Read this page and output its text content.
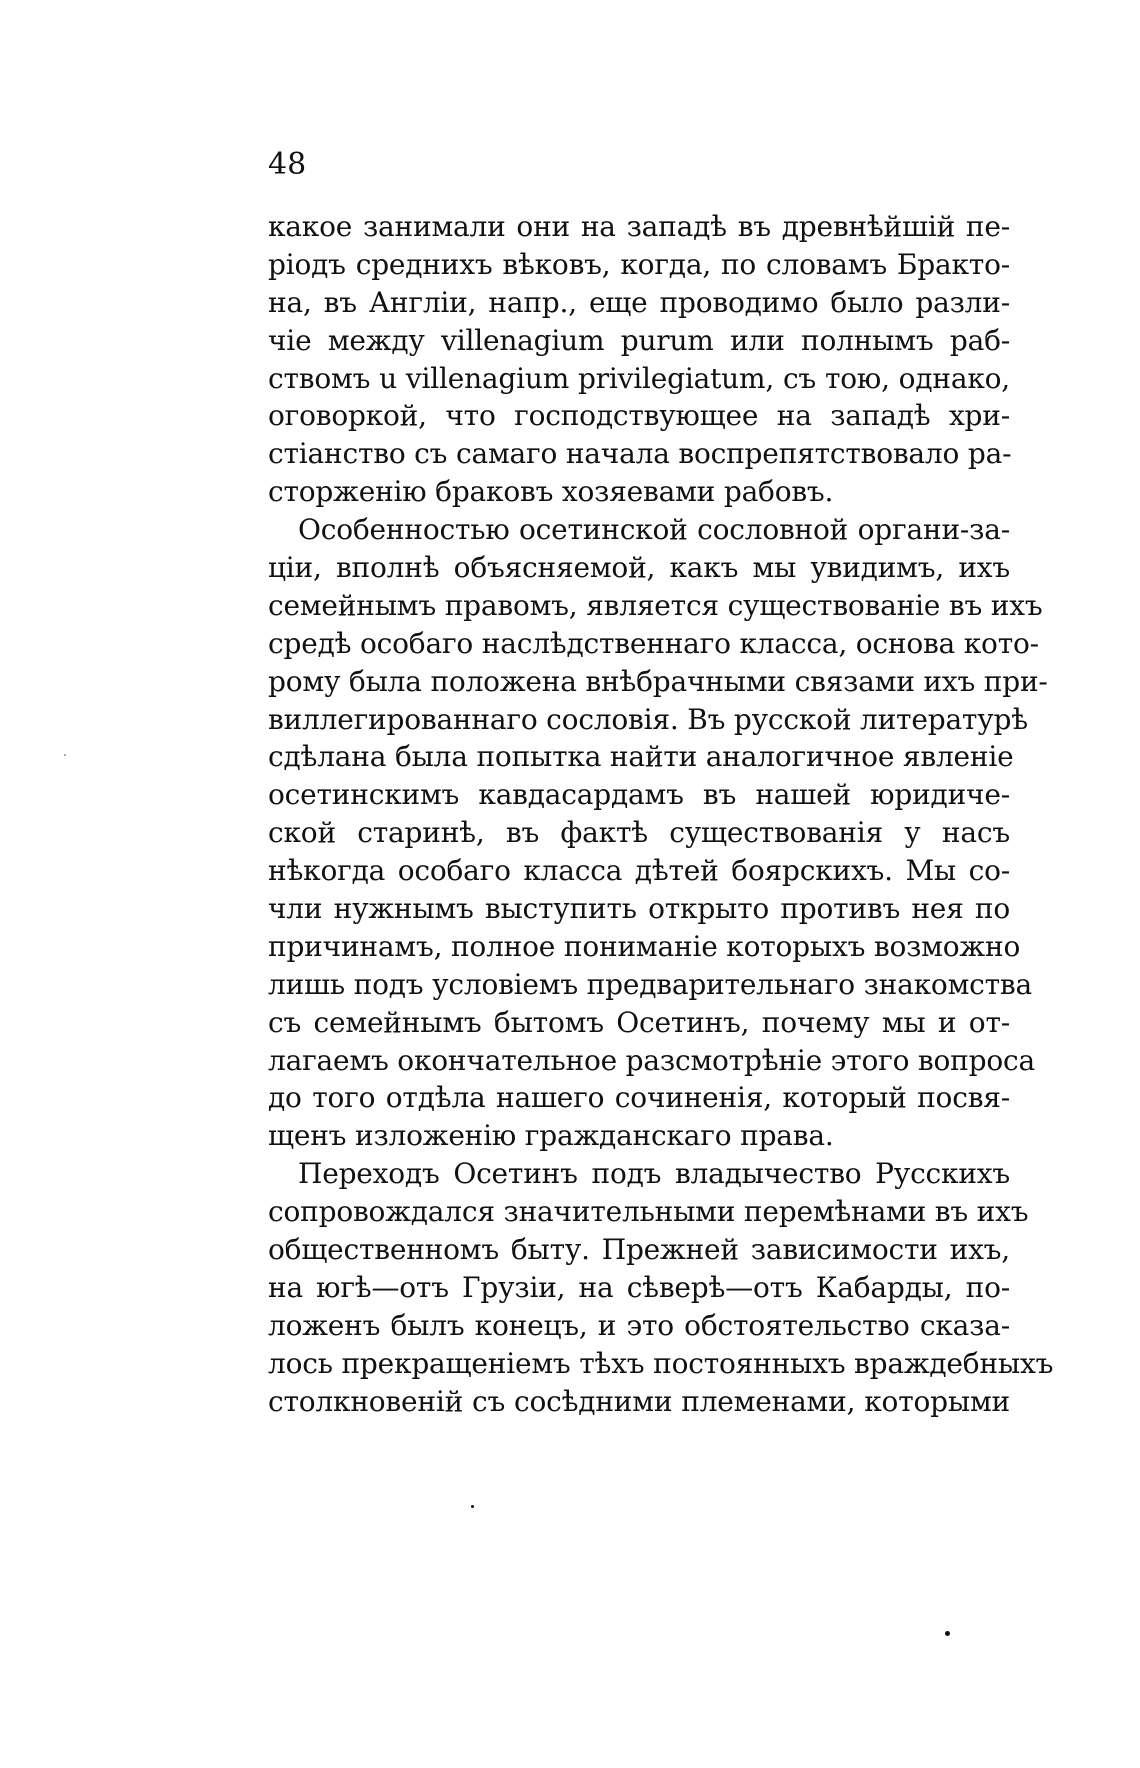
48
какое занимали они на западѣ въ древнѣйшій пе-
ріодъ среднихъ вѣковъ, когда, по словамъ Бракто-
на, въ Англіи, напр., еще проводимо было разли-
чіе между villenagium purum или полнымъ раб-
ствомъ u villenagium privilegiatum, съ тою, однако,
оговоркой, что господствующее на западѣ хри-
стіанство съ самаго начала воспрепятствовало ра-
сторженію браковъ хозяевами рабовъ.
Особенностью осетинской сословной органи-за-
ціи, вполнѣ объясняемой, какъ мы увидимъ, ихъ
семейнымъ правомъ, является существованіе въ ихъ
средѣ особаго наслѣдственнаго класса, основа кото-
рому была положена внѣбрачными связами ихъ при-
виллегированнаго сословія. Въ русской литературѣ
сдѣлана была попытка найти аналогичное явленіе
осетинскимъ кавдасардамъ въ нашей юридиче-
ской старинѣ, въ фактѣ существованія у насъ
нѣкогда особаго класса дѣтей боярскихъ. Мы со-
чли нужнымъ выступить открыто противъ нея по
причинамъ, полное пониманіе которыхъ возможно
лишь подъ условіемъ предварительнаго знакомства
съ семейнымъ бытомъ Осетинъ, почему мы и от-
лагаемъ окончательное разсмотрѣніе этого вопроса
до того отдѣла нашего сочиненія, который посвя-
щенъ изложенію гражданскаго права.
Переходъ Осетинъ подъ владычество Русскихъ
сопровождался значительными перемѣнами въ ихъ
общественномъ быту. Прежней зависимости ихъ,
на югѣ—отъ Грузіи, на сѣверѣ—отъ Кабарды, по-
ложенъ былъ конецъ, и это обстоятельство сказа-
лось прекращеніемъ тѣхъ постоянныхъ враждебныхъ
столкновеній съ сосѣдними племенами, которыми
